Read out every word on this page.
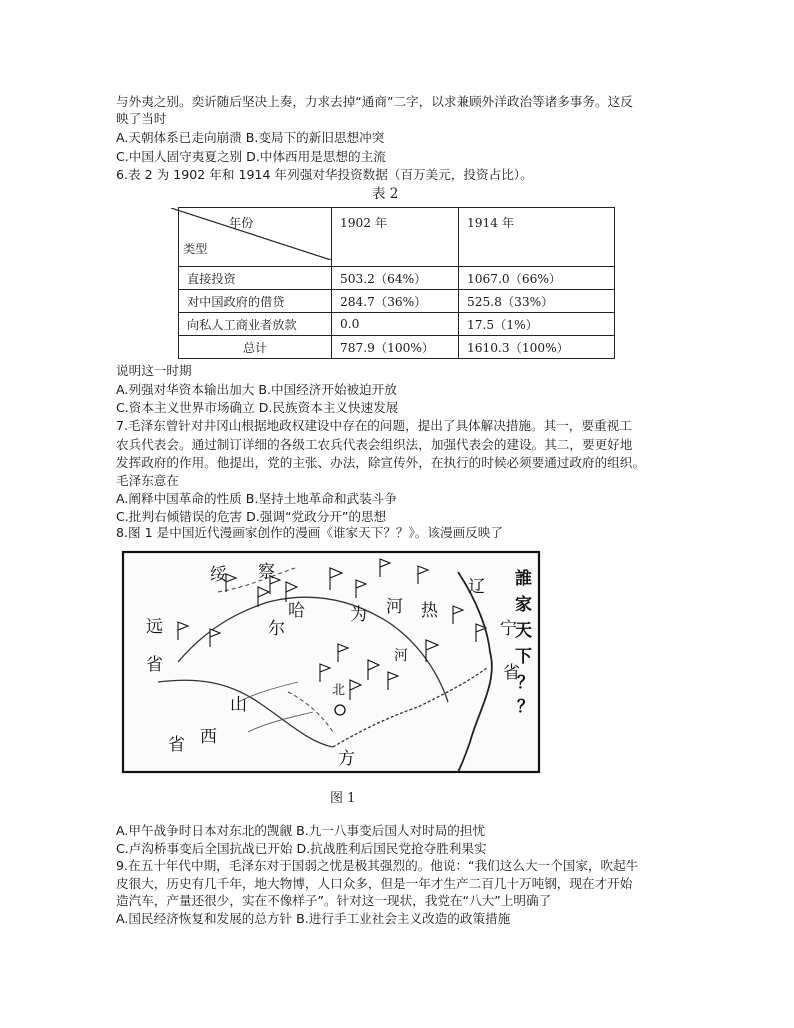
与外夷之别。奕䜣随后坚决上奏，力求去掉“通商”二字，以求兼顾外洋政治等诸多事务。这反
映了当时
A.天朝体系已走向崩溃 B.变局下的新旧思想冲突
C.中国人固守夷夏之别 D.中体西用是思想的主流
6.表 2 为 1902 年和 1914 年列强对华投资数据（百万美元，投资占比）。
表 2
年份
类型	1902 年	1914 年
直接投资	503.2（64%）	1067.0（66%）
对中国政府的借贷	284.7（36%）	525.8（33%）
向私人工商业者放款	0.0	17.5（1%）
总计	787.9（100%）	1610.3（100%）
说明这一时期
A.列强对华资本输出加大 B.中国经济开始被迫开放
C.资本主义世界市场确立 D.民族资本主义快速发展
7.毛泽东曾针对井冈山根据地政权建设中存在的问题，提出了具体解决措施。其一，要重视工
农兵代表会。通过制订详细的各级工农兵代表会组织法，加强代表会的建设。其二，要更好地
发挥政府的作用。他提出，党的主张、办法，除宣传外，在执行的时候必须要通过政府的组织。
毛泽东意在
A.阐释中国革命的性质 B.坚持土地革命和武装斗争
C.批判右倾错误的危害 D.强调“党政分开”的思想
8.图 1 是中国近代漫画家创作的漫画《谁家天下？？》。该漫画反映了
绥
远
省
察
哈
尔
为 河 热
辽
宁
省
山
西
省
北
方
河
誰
家
天
下
？
？
图 1
A.甲午战争时日本对东北的觊觎 B.九一八事变后国人对时局的担忧
C.卢沟桥事变后全国抗战已开始 D.抗战胜利后国民党抢夺胜利果实
9.在五十年代中期，毛泽东对于国弱之忧是极其强烈的。他说：“我们这么大一个国家，吹起牛
皮很大，历史有几千年，地大物博，人口众多，但是一年才生产二百几十万吨钢，现在才开始
造汽车，产量还很少，实在不像样子”。针对这一现状，我党在“八大”上明确了
A.国民经济恢复和发展的总方针 B.进行手工业社会主义改造的政策措施
